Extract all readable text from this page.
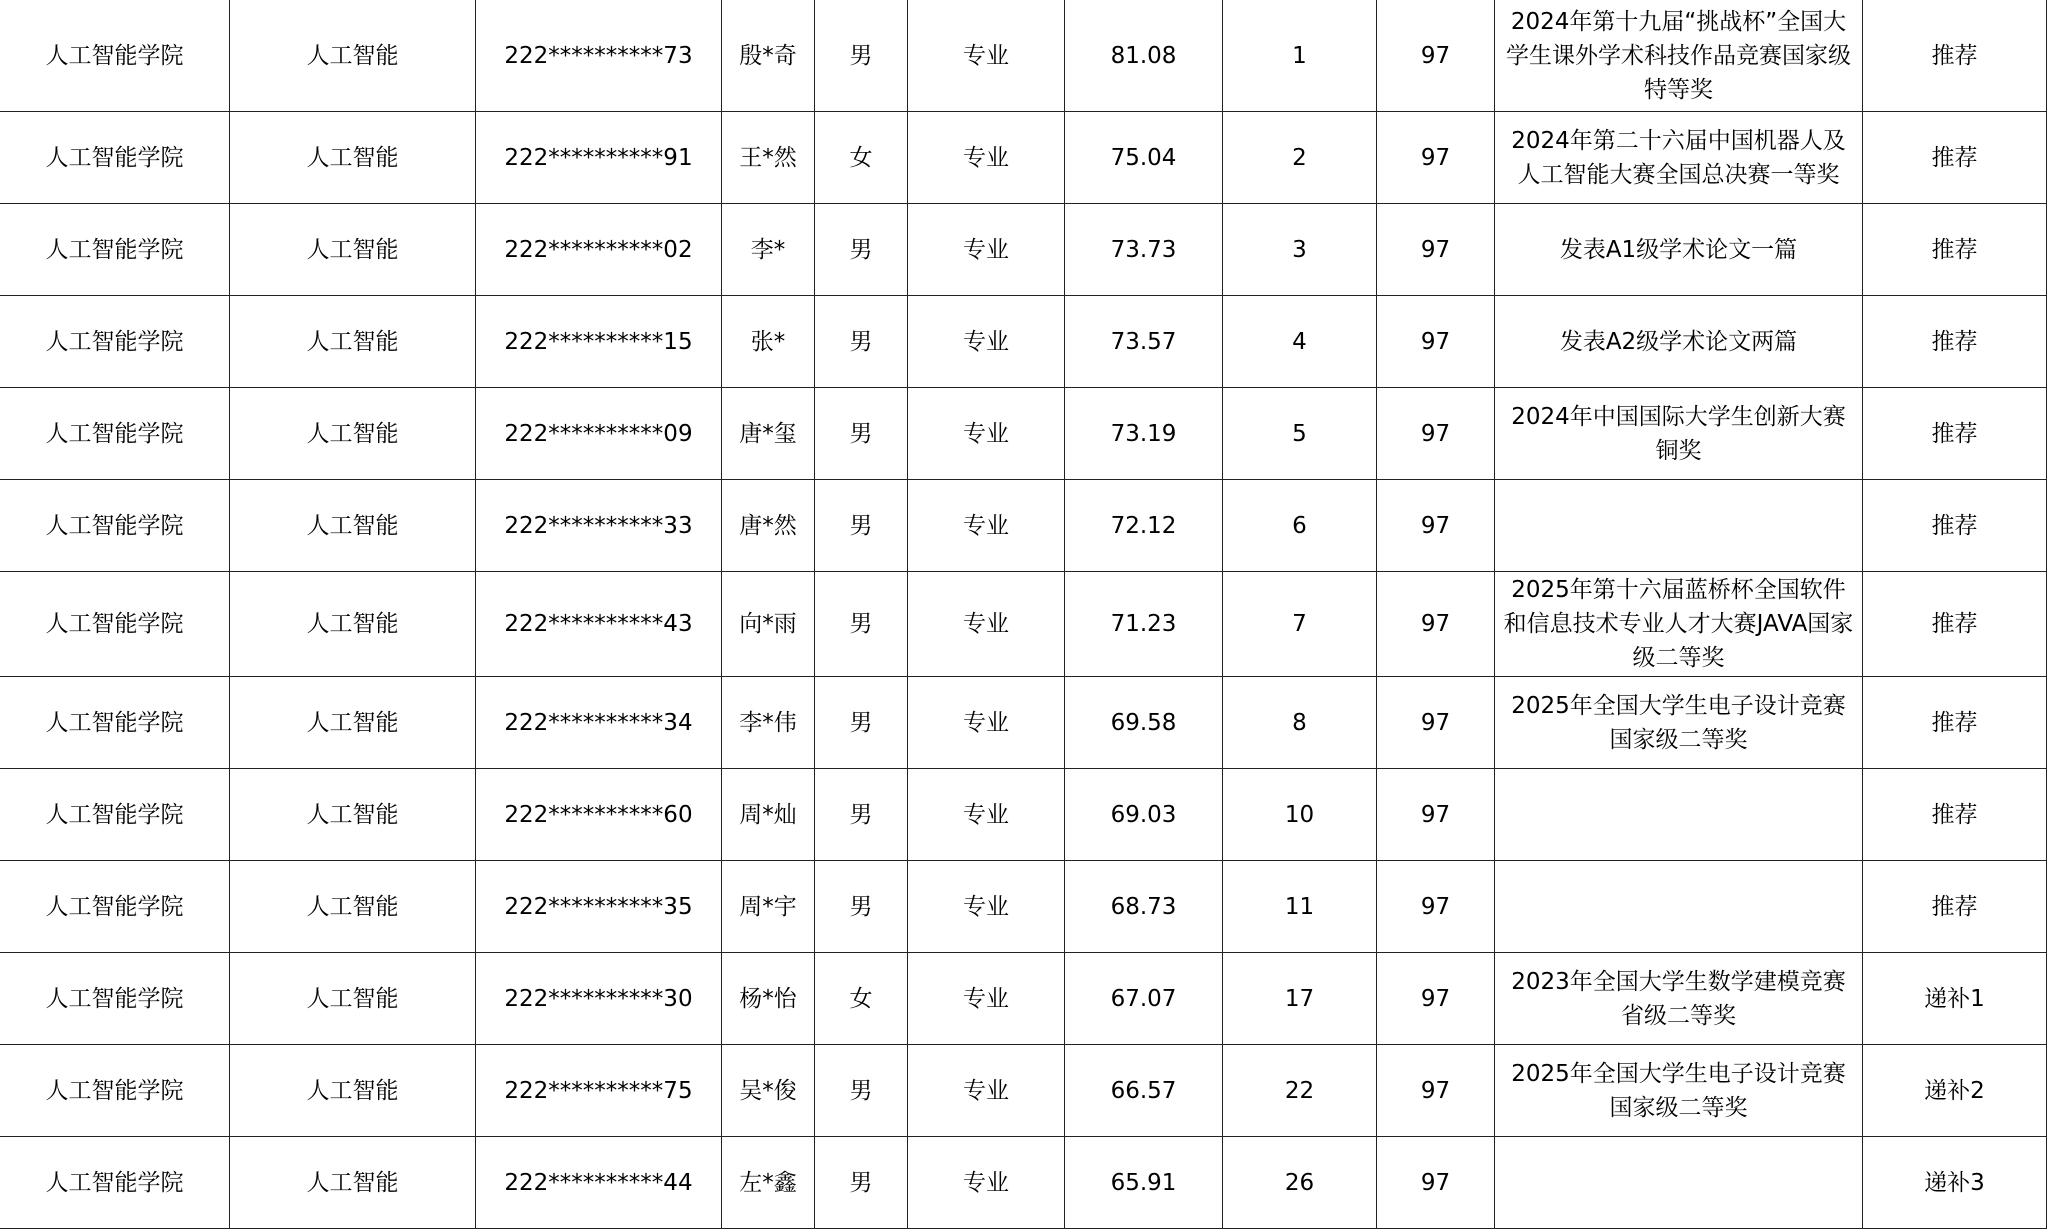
人工智能学院	人工智能	222**********73	殷*奇	男	专业	81.08	1	97	2024年第十九届“挑战杯”全国大学生课外学术科技作品竞赛国家级特等奖	推荐
人工智能学院	人工智能	222**********91	王*然	女	专业	75.04	2	97	2024年第二十六届中国机器人及人工智能大赛全国总决赛一等奖	推荐
人工智能学院	人工智能	222**********02	李*	男	专业	73.73	3	97	发表A1级学术论文一篇	推荐
人工智能学院	人工智能	222**********15	张*	男	专业	73.57	4	97	发表A2级学术论文两篇	推荐
人工智能学院	人工智能	222**********09	唐*玺	男	专业	73.19	5	97	2024年中国国际大学生创新大赛铜奖	推荐
人工智能学院	人工智能	222**********33	唐*然	男	专业	72.12	6	97		推荐
人工智能学院	人工智能	222**********43	向*雨	男	专业	71.23	7	97	2025年第十六届蓝桥杯全国软件和信息技术专业人才大赛JAVA国家级二等奖	推荐
人工智能学院	人工智能	222**********34	李*伟	男	专业	69.58	8	97	2025年全国大学生电子设计竞赛国家级二等奖	推荐
人工智能学院	人工智能	222**********60	周*灿	男	专业	69.03	10	97		推荐
人工智能学院	人工智能	222**********35	周*宇	男	专业	68.73	11	97		推荐
人工智能学院	人工智能	222**********30	杨*怡	女	专业	67.07	17	97	2023年全国大学生数学建模竞赛省级二等奖	递补1
人工智能学院	人工智能	222**********75	吴*俊	男	专业	66.57	22	97	2025年全国大学生电子设计竞赛国家级二等奖	递补2
人工智能学院	人工智能	222**********44	左*鑫	男	专业	65.91	26	97		递补3
